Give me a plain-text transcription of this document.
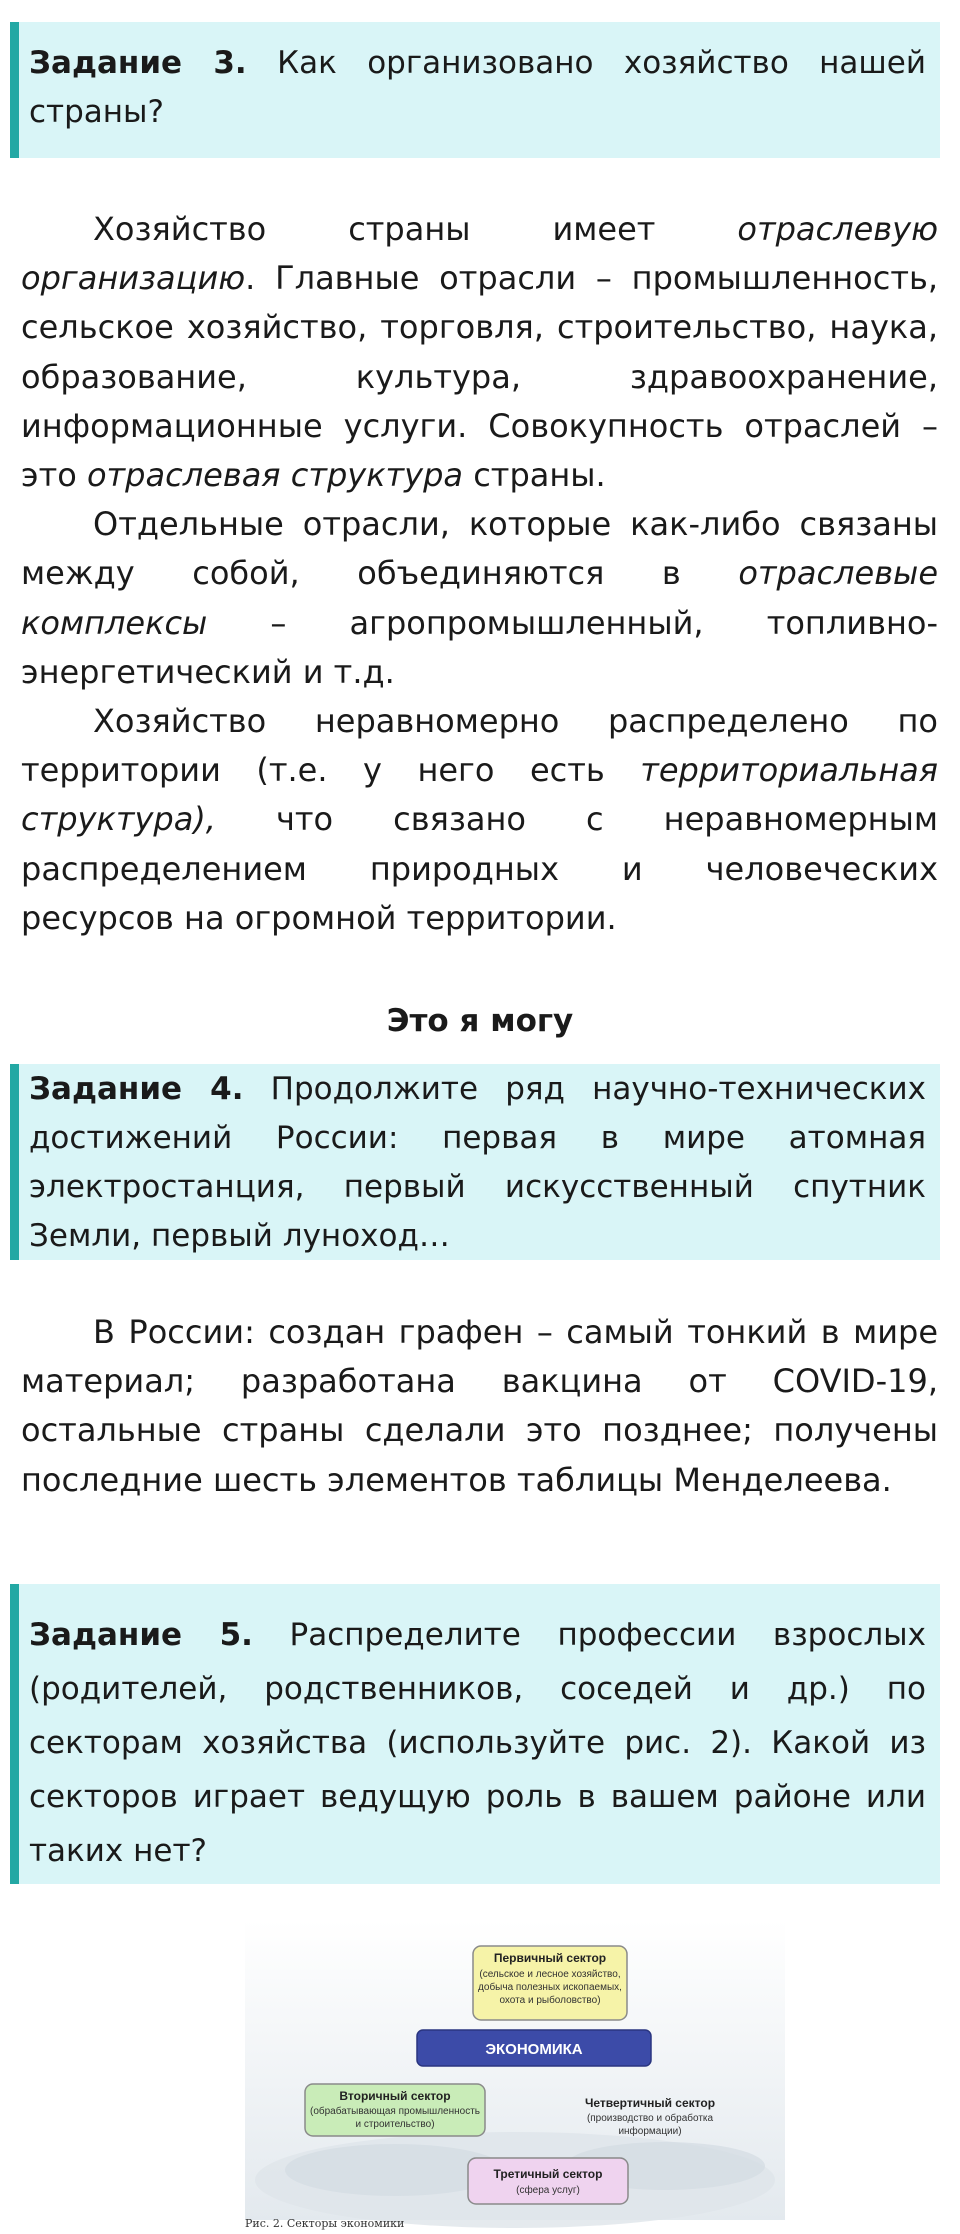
Задание 3. Как организовано хозяйство нашей страны?

Хозяйство страны имеет отраслевую организацию. Главные отрасли – промышленность, сельское хозяйство, торговля, строительство, наука, образование, культура, здравоохранение, информационные услуги. Совокупность отраслей – это отраслевая структура страны.

Отдельные отрасли, которые как-либо связаны между собой, объединяются в отраслевые комплексы – агропромышленный, топливно-энергетический и т.д.

Хозяйство неравномерно распределено по территории (т.е. у него есть территориальная структура), что связано с неравномерным распределением природных и человеческих ресурсов на огромной территории.

Это я могу
Задание 4. Продолжите ряд научно-технических достижений России: первая в мире атомная электростанция, первый искусственный спутник Земли, первый луноход…

В России: создан графен – самый тонкий в мире материал; разработана вакцина от COVID-19, остальные страны сделали это позднее; получены последние шесть элементов таблицы Менделеева.

Задание 5. Распределите профессии взрослых (родителей, родственников, соседей и др.) по секторам хозяйства (используйте рис. 2). Какой из секторов играет ведущую роль в вашем районе или таких нет?
Первичный сектор
(сельское и лесное хозяйство,
добыча полезных ископаемых,
охота и рыболовство)
ЭКОНОМИКА
Вторичный сектор
(обрабатывающая промышленность
и строительство)
Четвертичный сектор
(производство и обработка
информации)
Третичный сектор
(сфера услуг)
Рис. 2. Секторы экономики
